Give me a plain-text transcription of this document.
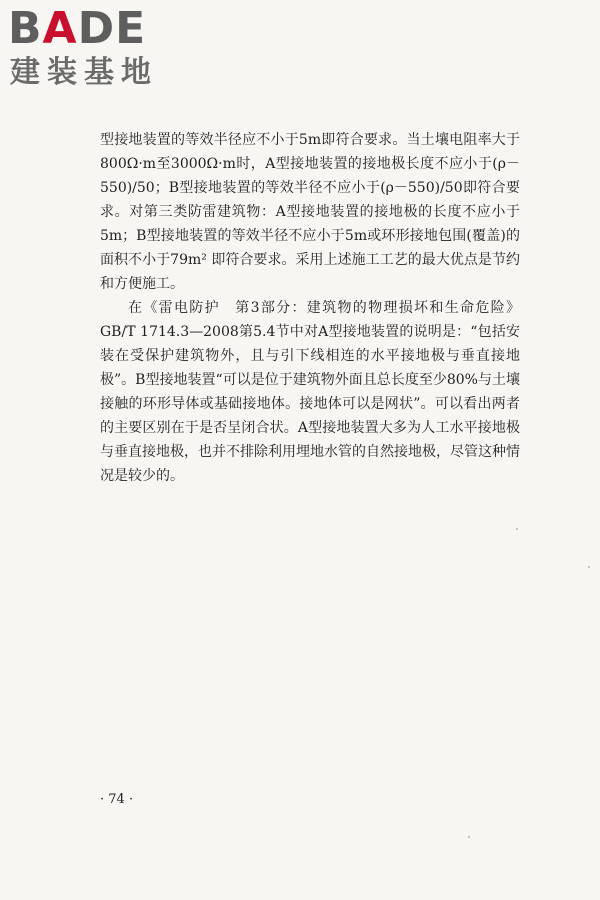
BADE
建装基地

型接地装置的等效半径应不小于5m即符合要求。当土壤电阻率大于800Ω·m至3000Ω·m时，A型接地装置的接地极长度不应小于(ρ－550)/50；B型接地装置的等效半径不应小于(ρ－550)/50即符合要求。对第三类防雷建筑物：A型接地装置的接地极的长度不应小于5m；B型接地装置的等效半径不应小于5m或环形接地包围(覆盖)的面积不小于79m² 即符合要求。采用上述施工工艺的最大优点是节约和方便施工。

在《雷电防护　第3部分：建筑物的物理损坏和生命危险》GB/T 1714.3—2008第5.4节中对A型接地装置的说明是：“包括安装在受保护建筑物外，且与引下线相连的水平接地极与垂直接地极”。B型接地装置“可以是位于建筑物外面且总长度至少80%与土壤接触的环形导体或基础接地体。接地体可以是网状”。可以看出两者的主要区别在于是否呈闭合状。A型接地装置大多为人工水平接地极与垂直接地极，也并不排除利用埋地水管的自然接地极，尽管这种情况是较少的。

· 74 ·
